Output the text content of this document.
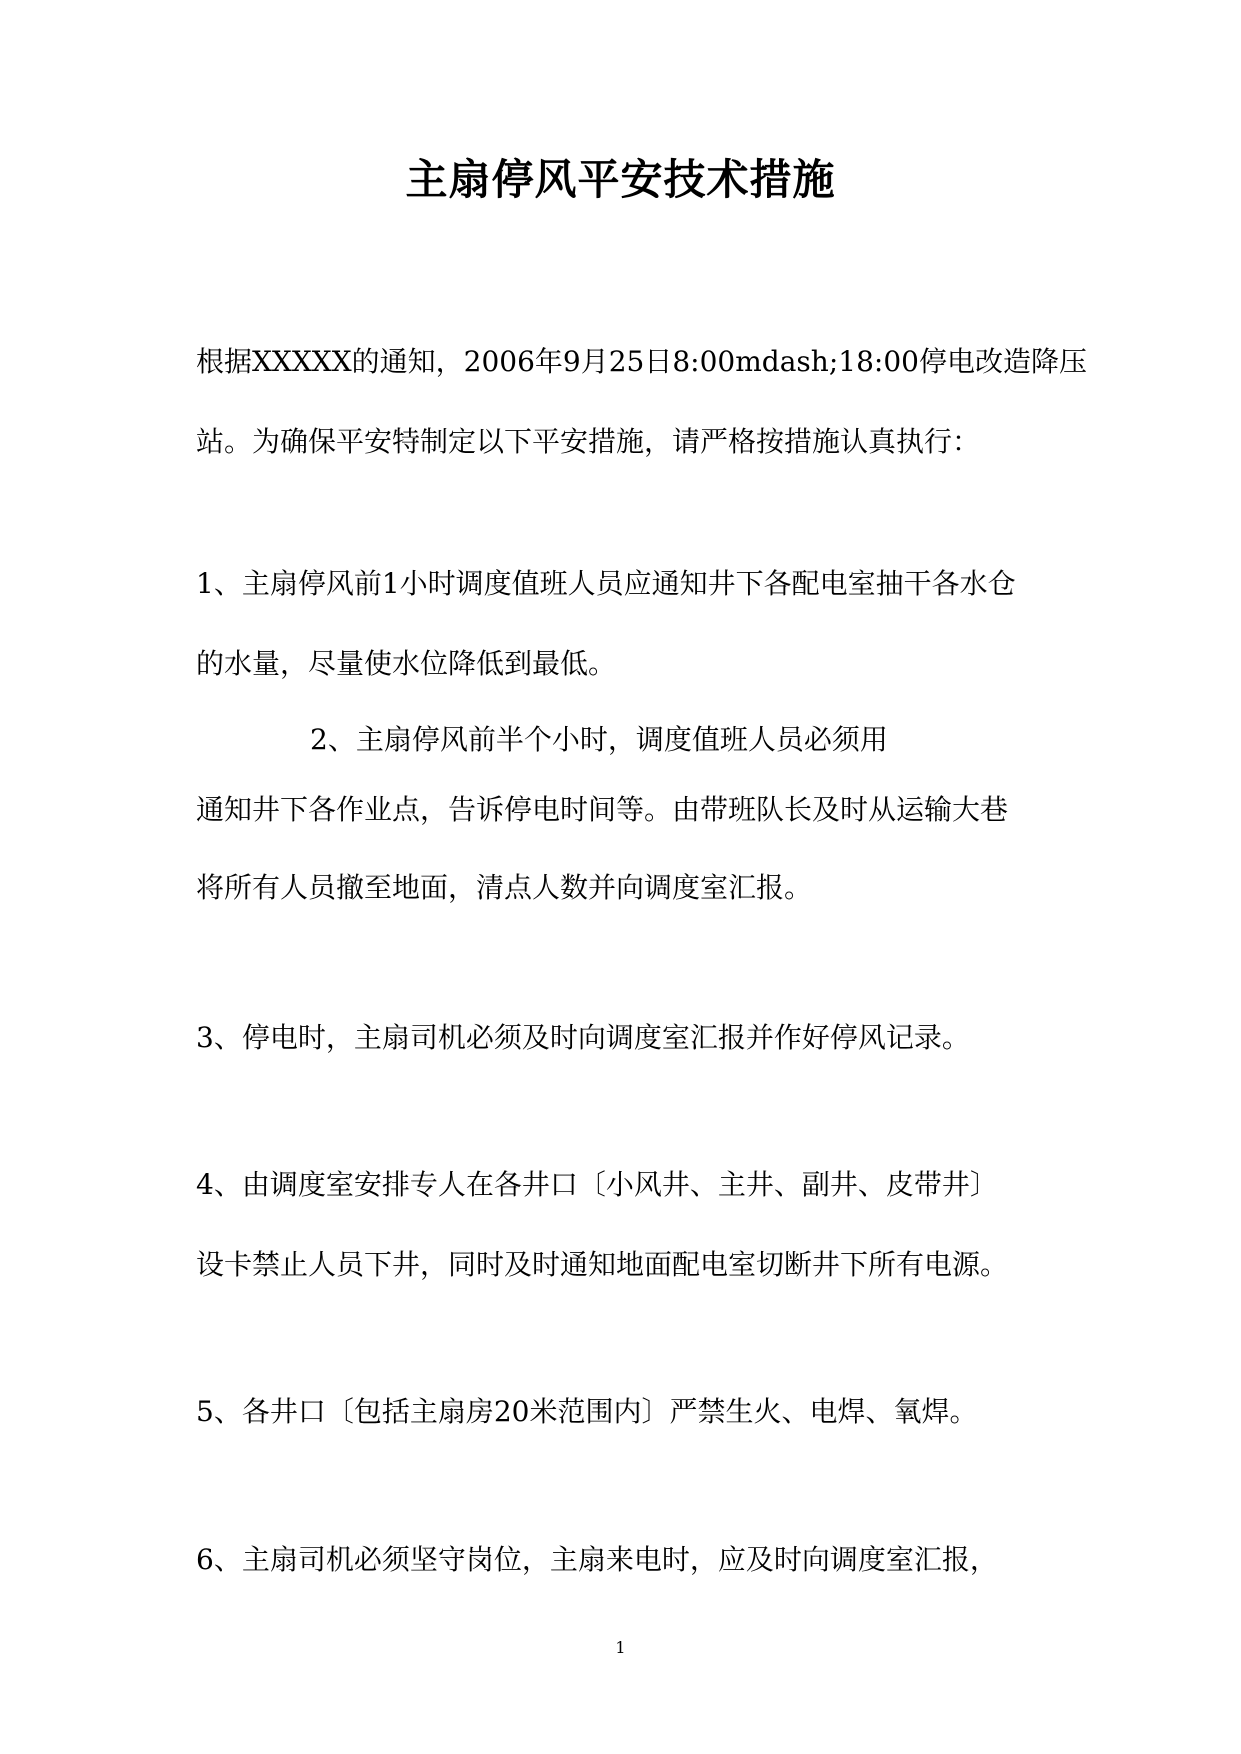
主扇停风平安技术措施
根据XXXXX的通知，2006年9月25日8:00mdash;18:00停电改造降压
站。为确保平安特制定以下平安措施，请严格按措施认真执行：
1、主扇停风前1小时调度值班人员应通知井下各配电室抽干各水仓
的水量，尽量使水位降低到最低。
2、主扇停风前半个小时，调度值班人员必须用
通知井下各作业点，告诉停电时间等。由带班队长及时从运输大巷
将所有人员撤至地面，清点人数并向调度室汇报。
3、停电时，主扇司机必须及时向调度室汇报并作好停风记录。
4、由调度室安排专人在各井口〔小风井、主井、副井、皮带井〕
设卡禁止人员下井，同时及时通知地面配电室切断井下所有电源。
5、各井口〔包括主扇房20米范围内〕严禁生火、电焊、氧焊。
6、主扇司机必须坚守岗位，主扇来电时，应及时向调度室汇报，
1
